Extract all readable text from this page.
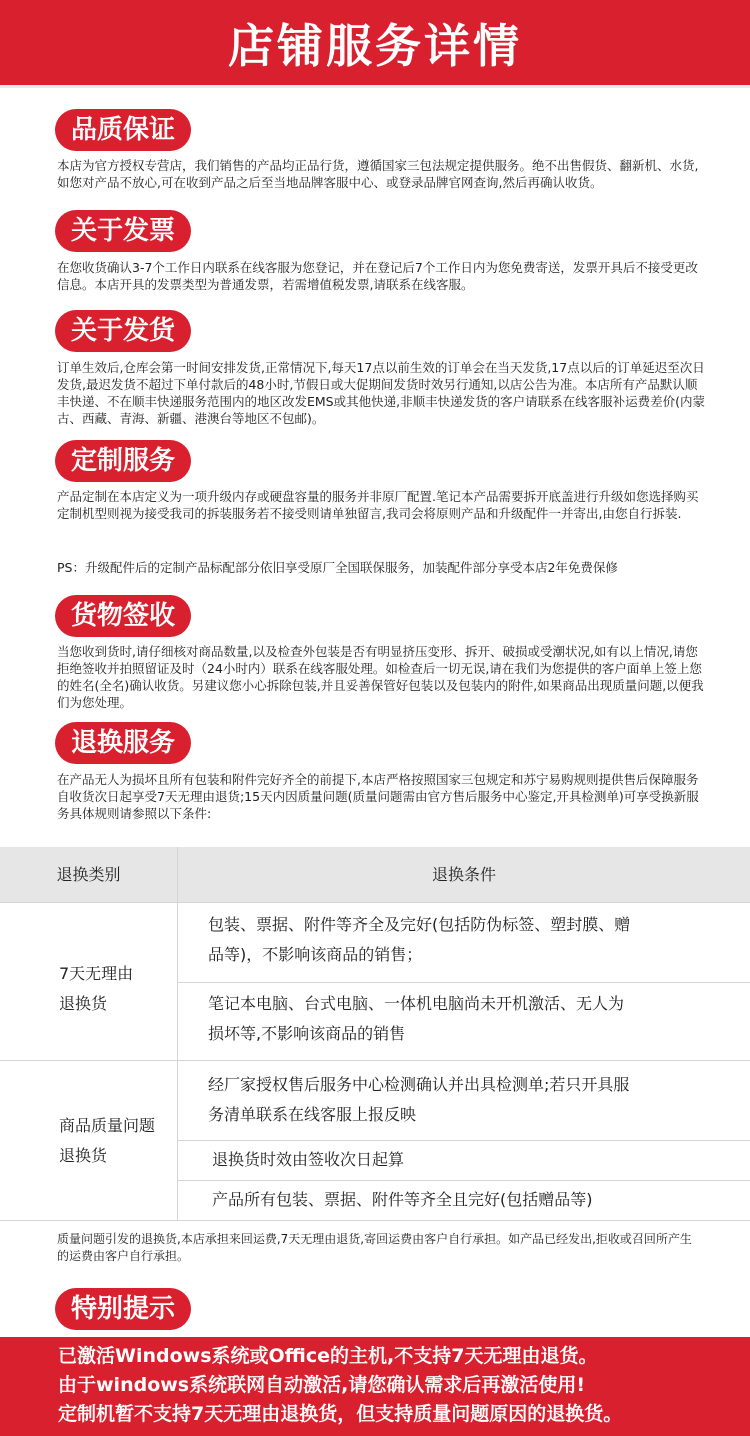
店铺服务详情
品质保证
本店为官方授权专营店，我们销售的产品均正品行货，遵循国家三包法规定提供服务。绝不出售假货、翻新机、水货,如您对产品不放心,可在收到产品之后至当地品牌客服中心、或登录品牌官网查询,然后再确认收货。
关于发票
在您收货确认3-7个工作日内联系在线客服为您登记，并在登记后7个工作日内为您免费寄送，发票开具后不接受更改信息。本店开具的发票类型为普通发票，若需增值税发票,请联系在线客服。
关于发货
订单生效后,仓库会第一时间安排发货,正常情况下,每天17点以前生效的订单会在当天发货,17点以后的订单延迟至次日发货,最迟发货不超过下单付款后的48小时,节假日或大促期间发货时效另行通知,以店公告为准。本店所有产品默认顺丰快递、不在顺丰快递服务范围内的地区改发EMS或其他快递,非顺丰快递发货的客户请联系在线客服补运费差价(内蒙古、西藏、青海、新疆、港澳台等地区不包邮)。
定制服务
产品定制在本店定义为一项升级内存或硬盘容量的服务并非原厂配置.笔记本产品需要拆开底盖进行升级如您选择购买定制机型则视为接受我司的拆装服务若不接受则请单独留言,我司会将原则产品和升级配件一并寄出,由您自行拆装.
PS：升级配件后的定制产品标配部分依旧享受原厂全国联保服务，加装配件部分享受本店2年免费保修
货物签收
当您收到货时,请仔细核对商品数量,以及检查外包装是否有明显挤压变形、拆开、破损或受潮状况,如有以上情况,请您拒绝签收并拍照留证及时（24小时内）联系在线客服处理。如检查后一切无误,请在我们为您提供的客户面单上签上您的姓名(全名)确认收货。另建议您小心拆除包装,并且妥善保管好包装以及包装内的附件,如果商品出现质量问题,以便我们为您处理。
退换服务
在产品无人为损坏且所有包装和附件完好齐全的前提下,本店严格按照国家三包规定和苏宁易购规则提供售后保障服务自收货次日起享受7天无理由退货;15天内因质量问题(质量问题需由官方售后服务中心鉴定,开具检测单)可享受换新服务具体规则请参照以下条件:
退换类别	退换条件
7天无理由
退换货
包装、票据、附件等齐全及完好(包括防伪标签、塑封膜、赠
品等)，不影响该商品的销售；
笔记本电脑、台式电脑、一体机电脑尚未开机激活、无人为
损坏等,不影响该商品的销售
商品质量问题
退换货
经厂家授权售后服务中心检测确认并出具检测单;若只开具服
务清单联系在线客服上报反映
退换货时效由签收次日起算
产品所有包装、票据、附件等齐全且完好(包括赠品等)
质量问题引发的退换货,本店承担来回运费,7天无理由退货,寄回运费由客户自行承担。如产品已经发出,拒收或召回所产生的运费由客户自行承担。
特别提示

已激活Windows系统或Office的主机,不支持7天无理由退货。

由于windows系统联网自动激活,请您确认需求后再激活使用!

定制机暂不支持7天无理由退换货，但支持质量问题原因的退换货。
